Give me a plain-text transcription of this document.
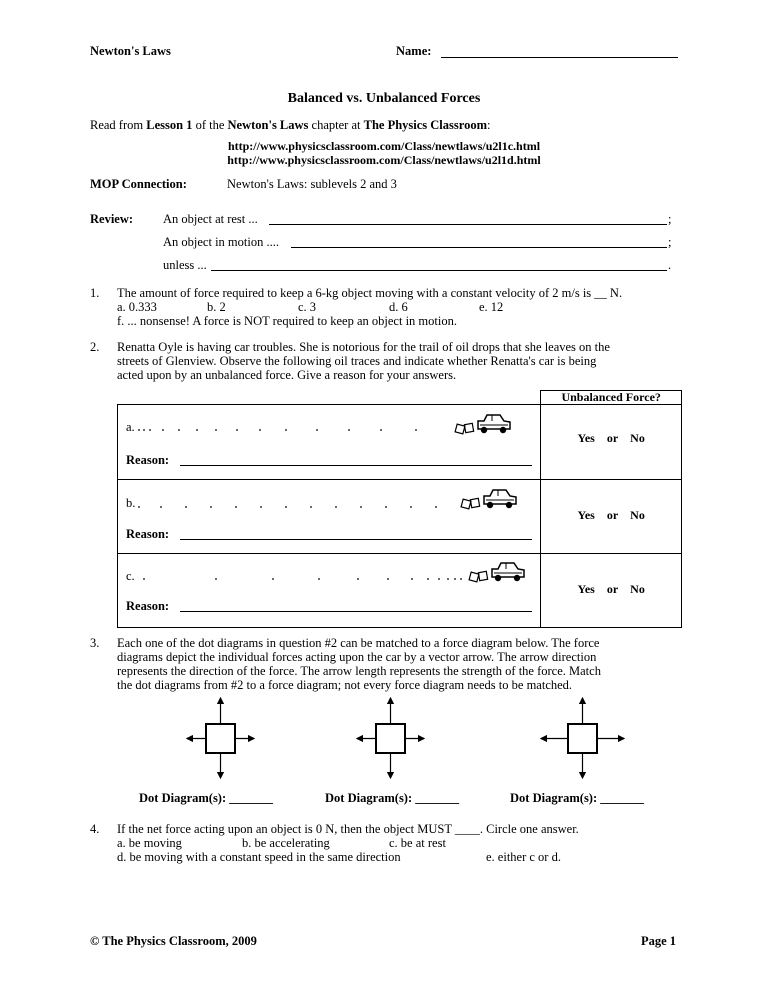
Newton's Laws	Name:
Balanced vs. Unbalanced Forces
Read from Lesson 1 of the Newton's Laws chapter at The Physics Classroom:
http://www.physicsclassroom.com/Class/newtlaws/u2l1c.html
http://www.physicsclassroom.com/Class/newtlaws/u2l1d.html
MOP Connection:	Newton's Laws: sublevels 2 and 3
Review: An object at rest ...	;
An object in motion ....	;
unless ...	.
1. The amount of force required to keep a 6-kg object moving with a constant velocity of 2 m/s is __ N.
a. 0.333	b. 2	c. 3	d. 6	e. 12
f. ... nonsense! A force is NOT required to keep an object in motion.
2. Renatta Oyle is having car troubles. She is notorious for the trail of oil drops that she leaves on the
streets of Glenview. Observe the following oil traces and indicate whether Renatta's car is being
acted upon by an unbalanced force. Give a reason for your answers.
	Unbalanced Force?

a.
Reason:	Yes or No

b.
Reason:	Yes or No

c.
Reason:	Yes or No
3. Each one of the dot diagrams in question #2 can be matched to a force diagram below. The force
diagrams depict the individual forces acting upon the car by a vector arrow. The arrow direction
represents the direction of the force. The arrow length represents the strength of the force. Match
the dot diagrams from #2 to a force diagram; not every force diagram needs to be matched.
Dot Diagram(s): _______	Dot Diagram(s): _______	Dot Diagram(s): _______
4. If the net force acting upon an object is 0 N, then the object MUST ____. Circle one answer.
a. be moving	b. be accelerating	c. be at rest
d. be moving with a constant speed in the same direction	e. either c or d.
© The Physics Classroom, 2009	Page 1
